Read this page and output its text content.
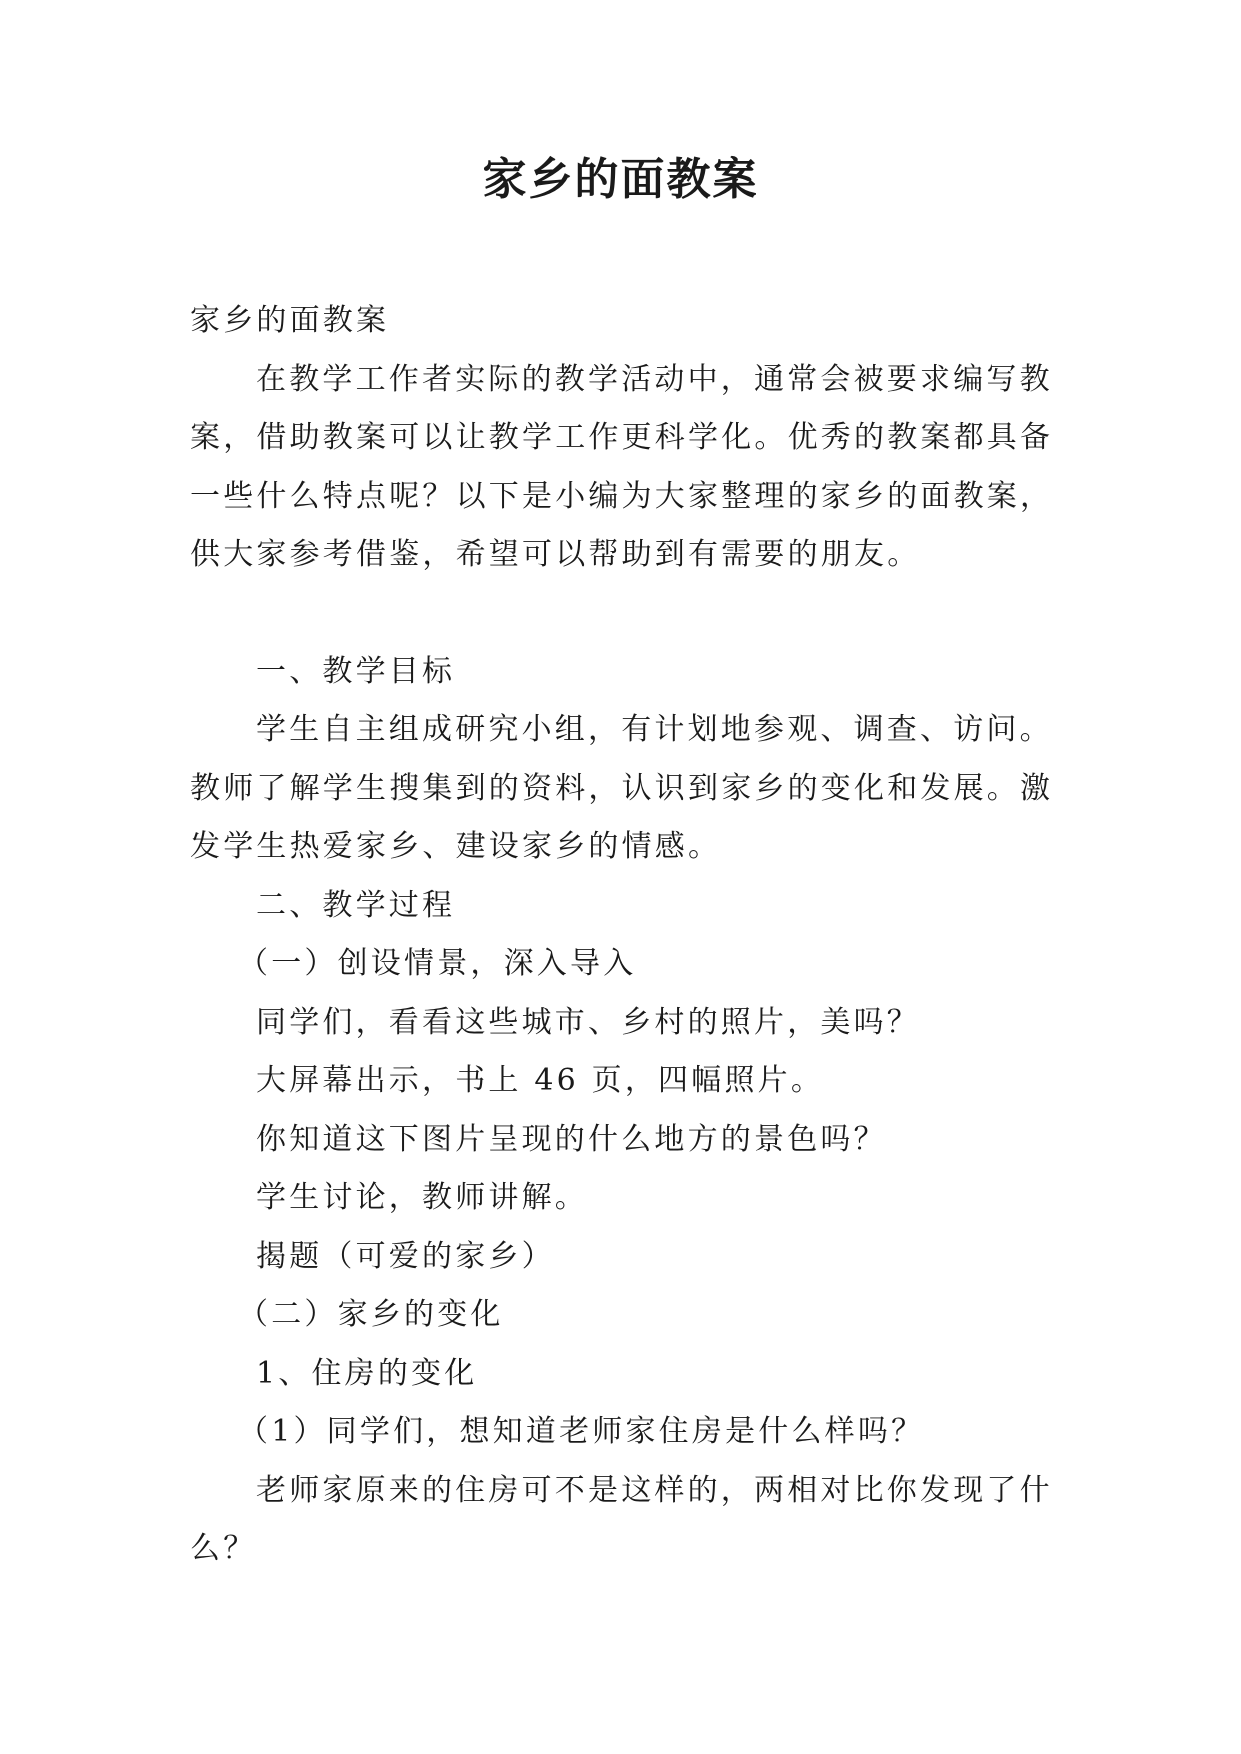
家乡的面教案

家乡的面教案

在教学工作者实际的教学活动中，通常会被要求编写教

案，借助教案可以让教学工作更科学化。优秀的教案都具备

一些什么特点呢？以下是小编为大家整理的家乡的面教案，

供大家参考借鉴，希望可以帮助到有需要的朋友。

一、教学目标

学生自主组成研究小组，有计划地参观、调查、访问。

教师了解学生搜集到的资料，认识到家乡的变化和发展。激

发学生热爱家乡、建设家乡的情感。

二、教学过程

（一）创设情景，深入导入

同学们，看看这些城市、乡村的照片，美吗？

大屏幕出示，书上 46 页，四幅照片。

你知道这下图片呈现的什么地方的景色吗？

学生讨论，教师讲解。

揭题（可爱的家乡）

（二）家乡的变化

1、住房的变化

（1）同学们，想知道老师家住房是什么样吗？

老师家原来的住房可不是这样的，两相对比你发现了什

么？
